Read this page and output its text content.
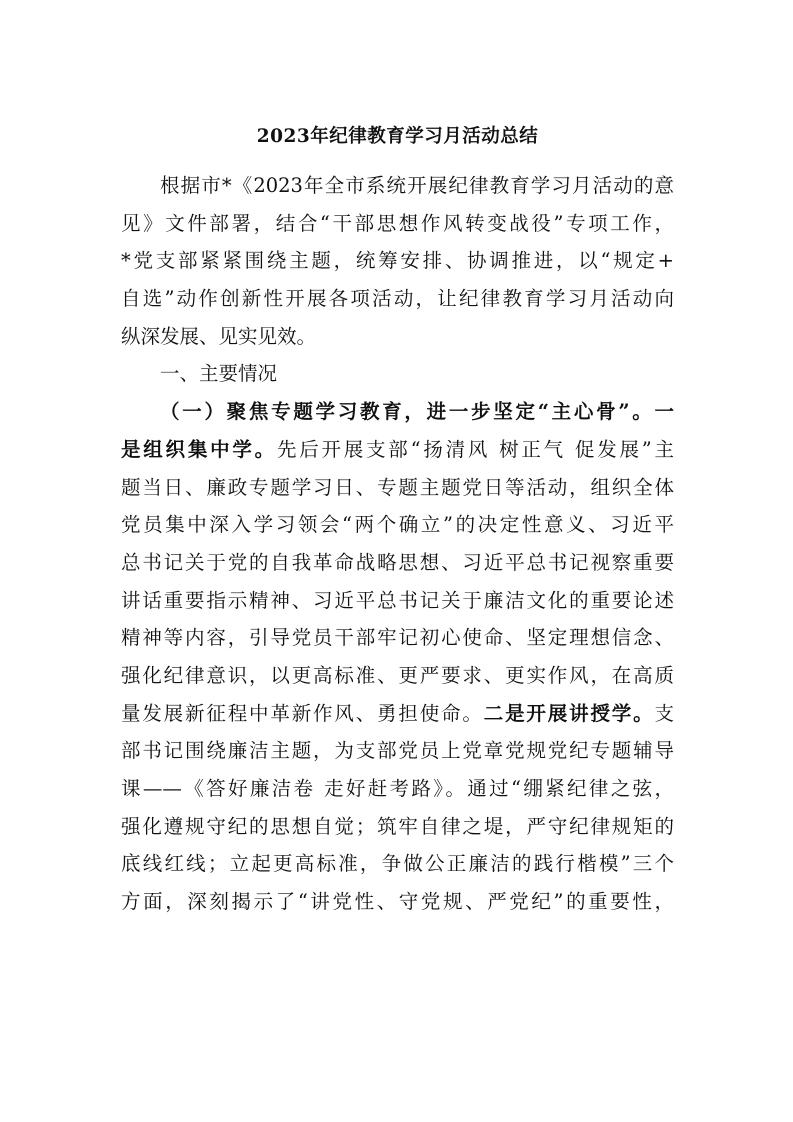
2023年纪律教育学习月活动总结
根据市*《2023年全市系统开展纪律教育学习月活动的意
见》文件部署，结合“干部思想作风转变战役”专项工作，
*党支部紧紧围绕主题，统筹安排、协调推进，以“规定+
自选”动作创新性开展各项活动，让纪律教育学习月活动向
纵深发展、见实见效。
一、主要情况
（一）聚焦专题学习教育，进一步坚定“主心骨”。一
是组织集中学。先后开展支部“扬清风 树正气 促发展”主
题当日、廉政专题学习日、专题主题党日等活动，组织全体
党员集中深入学习领会“两个确立”的决定性意义、习近平
总书记关于党的自我革命战略思想、习近平总书记视察重要
讲话重要指示精神、习近平总书记关于廉洁文化的重要论述
精神等内容，引导党员干部牢记初心使命、坚定理想信念、
强化纪律意识，以更高标准、更严要求、更实作风，在高质
量发展新征程中革新作风、勇担使命。二是开展讲授学。支
部书记围绕廉洁主题，为支部党员上党章党规党纪专题辅导
课——《答好廉洁卷 走好赶考路》。通过“绷紧纪律之弦，
强化遵规守纪的思想自觉；筑牢自律之堤，严守纪律规矩的
底线红线；立起更高标准，争做公正廉洁的践行楷模”三个
方面，深刻揭示了“讲党性、守党规、严党纪”的重要性，
